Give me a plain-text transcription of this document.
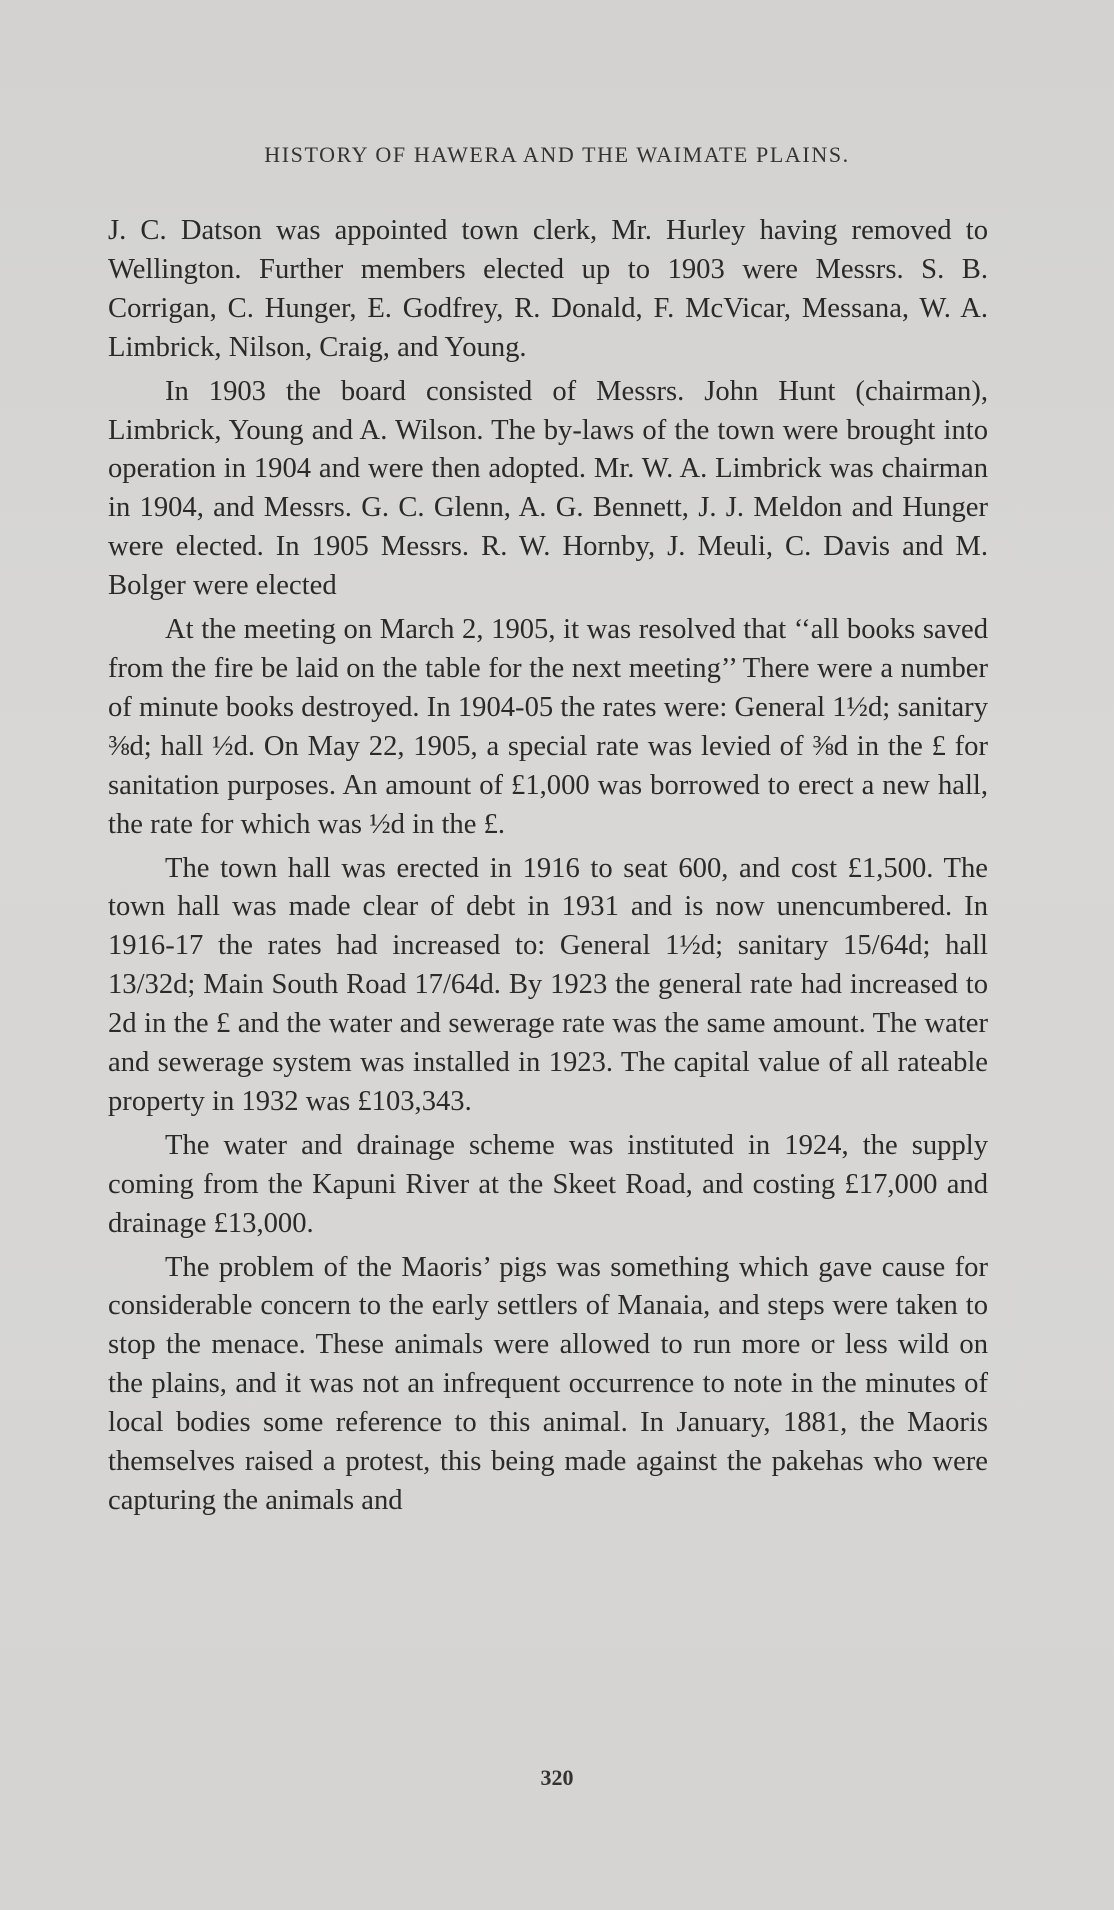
HISTORY OF HAWERA AND THE WAIMATE PLAINS.

J. C. Datson was appointed town clerk, Mr. Hurley having removed to Wellington. Further members elected up to 1903 were Messrs. S. B. Corrigan, C. Hunger, E. Godfrey, R. Donald, F. McVicar, Messana, W. A. Limbrick, Nilson, Craig, and Young.

In 1903 the board consisted of Messrs. John Hunt (chairman), Limbrick, Young and A. Wilson. The by-laws of the town were brought into operation in 1904 and were then adopted. Mr. W. A. Limbrick was chairman in 1904, and Messrs. G. C. Glenn, A. G. Bennett, J. J. Meldon and Hunger were elected. In 1905 Messrs. R. W. Hornby, J. Meuli, C. Davis and M. Bolger were elected

At the meeting on March 2, 1905, it was resolved that ‘‘all books saved from the fire be laid on the table for the next meeting’’ There were a number of minute books destroyed. In 1904-05 the rates were: General 1½d; sanitary ⅜d; hall ½d. On May 22, 1905, a special rate was levied of ⅜d in the £ for sanitation purposes. An amount of £1,000 was borrowed to erect a new hall, the rate for which was ½d in the £.

The town hall was erected in 1916 to seat 600, and cost £1,500. The town hall was made clear of debt in 1931 and is now unencumbered. In 1916-17 the rates had increased to: General 1½d; sanitary 15/64d; hall 13/32d; Main South Road 17/64d. By 1923 the general rate had increased to 2d in the £ and the water and sewerage rate was the same amount. The water and sewerage system was installed in 1923. The capital value of all rateable property in 1932 was £103,343.

The water and drainage scheme was instituted in 1924, the supply coming from the Kapuni River at the Skeet Road, and costing £17,000 and drainage £13,000.

The problem of the Maoris’ pigs was something which gave cause for considerable concern to the early settlers of Manaia, and steps were taken to stop the menace. These animals were allowed to run more or less wild on the plains, and it was not an infrequent occurrence to note in the minutes of local bodies some reference to this animal. In January, 1881, the Maoris themselves raised a protest, this being made against the pakehas who were capturing the animals and

320
